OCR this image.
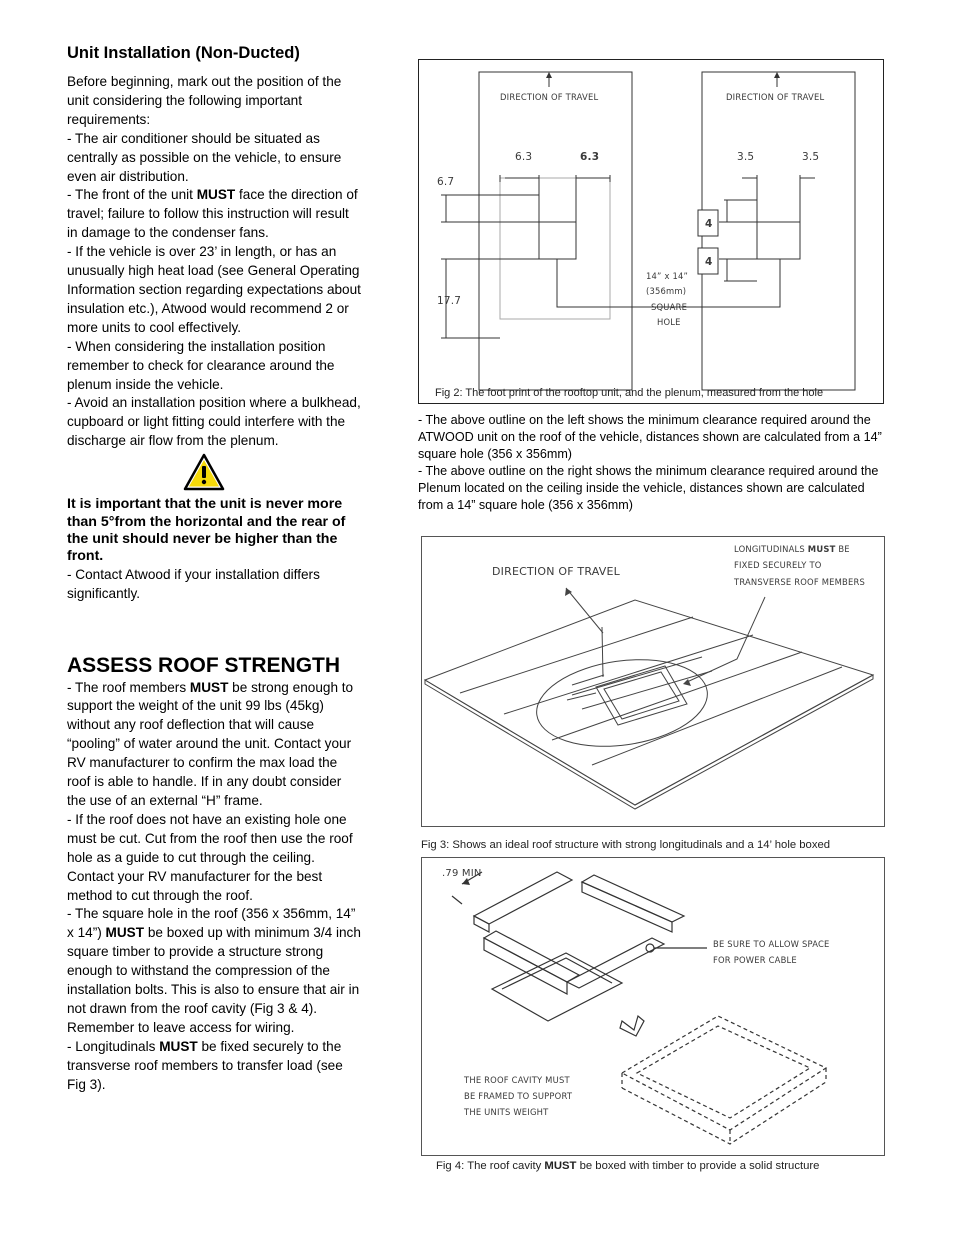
Unit Installation (Non-Ducted)

Before beginning, mark out the position of the unit considering the following important requirements:

- The air conditioner should be situated as centrally as possible on the vehicle, to ensure even air distribution.

- The front of the unit MUST face the direction of travel; failure to follow this instruction will result in damage to the condenser fans.

- If the vehicle is over 23’ in length, or has an unusually high heat load (see General Operating Information section regarding expectations about insulation etc.), Atwood would recommend 2 or more units to cool effectively.

- When considering the installation position remember to check for clearance around the plenum inside the vehicle.

- Avoid an installation position where a bulkhead, cupboard or light fitting could interfere with the discharge air flow from the plenum.

It is important that the unit is never more than 5°from the horizontal and the rear of the unit should never be higher than the front.

- Contact Atwood if your installation differs significantly.

ASSESS ROOF STRENGTH

- The roof members MUST be strong enough to support the weight of the unit 99 lbs (45kg) without any roof deflection that will cause “pooling” of water around the unit. Contact your RV manufacturer to confirm the max load the roof is able to handle. If in any doubt consider the use of an external “H” frame.

- If the roof does not have an existing hole one must be cut. Cut from the roof then use the roof hole as a guide to cut through the ceiling. Contact your RV manufacturer for the best method to cut through the roof.

- The square hole in the roof (356 x 356mm, 14” x 14”) MUST be boxed up with minimum 3/4 inch square timber to provide a structure strong enough to withstand the compression of the installation bolts. This is also to ensure that air in not drawn from the roof cavity (Fig 3 & 4). Remember to leave access for wiring.

- Longitudinals MUST be fixed securely to the transverse roof members to transfer load (see Fig 3).

DIRECTION OF TRAVEL	DIRECTION OF TRAVEL
6.3	6.3
6.7
17.7
3.5	3.5
4
4
14” x 14”
(356mm)
SQUARE
HOLE
Fig 2: The foot print of the rooftop unit, and the plenum, measured from the hole

- The above outline on the left shows the minimum clearance required around the ATWOOD unit on the roof of the vehicle, distances shown are calculated from a 14” square hole (356 x 356mm)

- The above outline on the right shows the minimum clearance required around the Plenum located on the ceiling inside the vehicle, distances shown are calculated from a 14” square hole (356 x 356mm)

DIRECTION OF TRAVEL
LONGITUDINALS MUST BE
FIXED SECURELY TO
TRANSVERSE ROOF MEMBERS
Fig 3: Shows an ideal roof structure with strong longitudinals and a 14’ hole boxed
.79 MIN
BE SURE TO ALLOW SPACE
FOR POWER CABLE
THE ROOF CAVITY MUST
BE FRAMED TO SUPPORT
THE UNITS WEIGHT
Fig 4: The roof cavity MUST be boxed with timber to provide a solid structure
